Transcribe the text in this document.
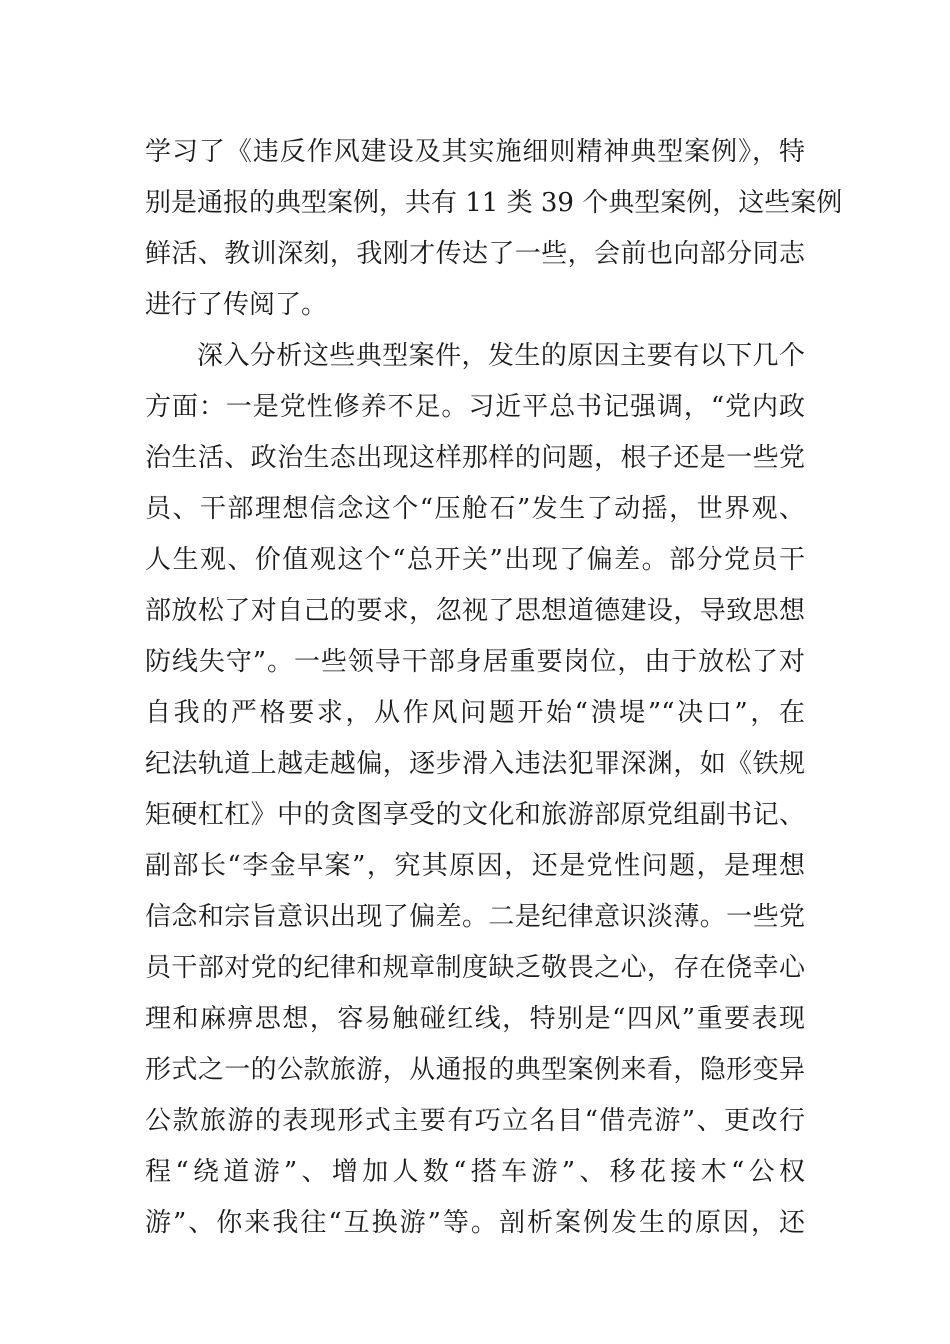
学习了《违反作风建设及其实施细则精神典型案例》，特
别是通报的典型案例，共有 11 类 39 个典型案例，这些案例
鲜活、教训深刻，我刚才传达了一些，会前也向部分同志
进行了传阅了。
深入分析这些典型案件，发生的原因主要有以下几个
方面：一是党性修养不足。习近平总书记强调，“党内政
治生活、政治生态出现这样那样的问题，根子还是一些党
员、干部理想信念这个“压舱石”发生了动摇，世界观、
人生观、价值观这个“总开关”出现了偏差。部分党员干
部放松了对自己的要求，忽视了思想道德建设，导致思想
防线失守”。一些领导干部身居重要岗位，由于放松了对
自我的严格要求，从作风问题开始“溃堤”“决口”，在
纪法轨道上越走越偏，逐步滑入违法犯罪深渊，如《铁规
矩硬杠杠》中的贪图享受的文化和旅游部原党组副书记、
副部长“李金早案”，究其原因，还是党性问题，是理想
信念和宗旨意识出现了偏差。二是纪律意识淡薄。一些党
员干部对党的纪律和规章制度缺乏敬畏之心，存在侥幸心
理和麻痹思想，容易触碰红线，特别是“四风”重要表现
形式之一的公款旅游，从通报的典型案例来看，隐形变异
公款旅游的表现形式主要有巧立名目“借壳游”、更改行
程“绕道游”、增加人数“搭车游”、移花接木“公权
游”、你来我往“互换游”等。剖析案例发生的原因，还
